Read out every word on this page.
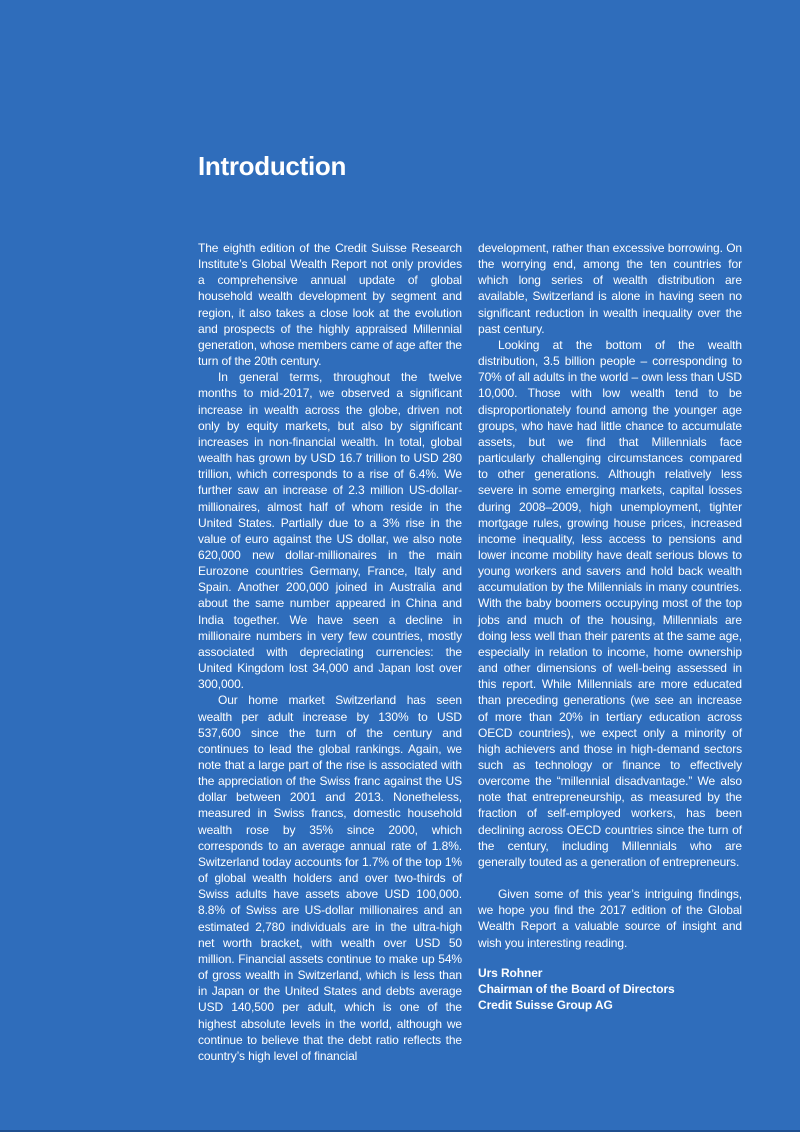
Introduction

The eighth edition of the Credit Suisse Research Institute’s Global Wealth Report not only provides a comprehensive annual update of global household wealth development by segment and region, it also takes a close look at the evolution and prospects of the highly appraised Millennial generation, whose members came of age after the turn of the 20th century.

In general terms, throughout the twelve months to mid-2017, we observed a significant increase in wealth across the globe, driven not only by equity markets, but also by significant increases in non-financial wealth. In total, global wealth has grown by USD 16.7 trillion to USD 280 trillion, which corresponds to a rise of 6.4%. We further saw an increase of 2.3 million US-dollar-millionaires, almost half of whom reside in the United States. Partially due to a 3% rise in the value of euro against the US dollar, we also note 620,000 new dollar-millionaires in the main Eurozone countries Germany, France, Italy and Spain. Another 200,000 joined in Australia and about the same number appeared in China and India together. We have seen a decline in millionaire numbers in very few countries, mostly associated with depreciating currencies: the United Kingdom lost 34,000 and Japan lost over 300,000.

Our home market Switzerland has seen wealth per adult increase by 130% to USD 537,600 since the turn of the century and continues to lead the global rankings. Again, we note that a large part of the rise is associated with the appreciation of the Swiss franc against the US dollar between 2001 and 2013. Nonetheless, measured in Swiss francs, domestic household wealth rose by 35% since 2000, which corresponds to an average annual rate of 1.8%. Switzerland today accounts for 1.7% of the top 1% of global wealth holders and over two-thirds of Swiss adults have assets above USD 100,000. 8.8% of Swiss are US-dollar millionaires and an estimated 2,780 individuals are in the ultra-high net worth bracket, with wealth over USD 50 million. Financial assets continue to make up 54% of gross wealth in Switzerland, which is less than in Japan or the United States and debts average USD 140,500 per adult, which is one of the highest absolute levels in the world, although we continue to believe that the debt ratio reflects the country’s high level of financial

development, rather than excessive borrowing. On the worrying end, among the ten countries for which long series of wealth distribution are available, Switzerland is alone in having seen no significant reduction in wealth inequality over the past century.

Looking at the bottom of the wealth distribution, 3.5 billion people – corresponding to 70% of all adults in the world – own less than USD 10,000. Those with low wealth tend to be disproportionately found among the younger age groups, who have had little chance to accumulate assets, but we find that Millennials face particularly challenging circumstances compared to other generations. Although relatively less severe in some emerging markets, capital losses during 2008–2009, high unemployment, tighter mortgage rules, growing house prices, increased income inequality, less access to pensions and lower income mobility have dealt serious blows to young workers and savers and hold back wealth accumulation by the Millennials in many countries. With the baby boomers occupying most of the top jobs and much of the housing, Millennials are doing less well than their parents at the same age, especially in relation to income, home ownership and other dimensions of well-being assessed in this report. While Millennials are more educated than preceding generations (we see an increase of more than 20% in tertiary education across OECD countries), we expect only a minority of high achievers and those in high-demand sectors such as technology or finance to effectively overcome the “millennial disadvantage.” We also note that entrepreneurship, as measured by the fraction of self-employed workers, has been declining across OECD countries since the turn of the century, including Millennials who are generally touted as a generation of entrepreneurs.

Given some of this year’s intriguing findings, we hope you find the 2017 edition of the Global Wealth Report a valuable source of insight and wish you interesting reading.

Urs Rohner
Chairman of the Board of Directors
Credit Suisse Group AG
